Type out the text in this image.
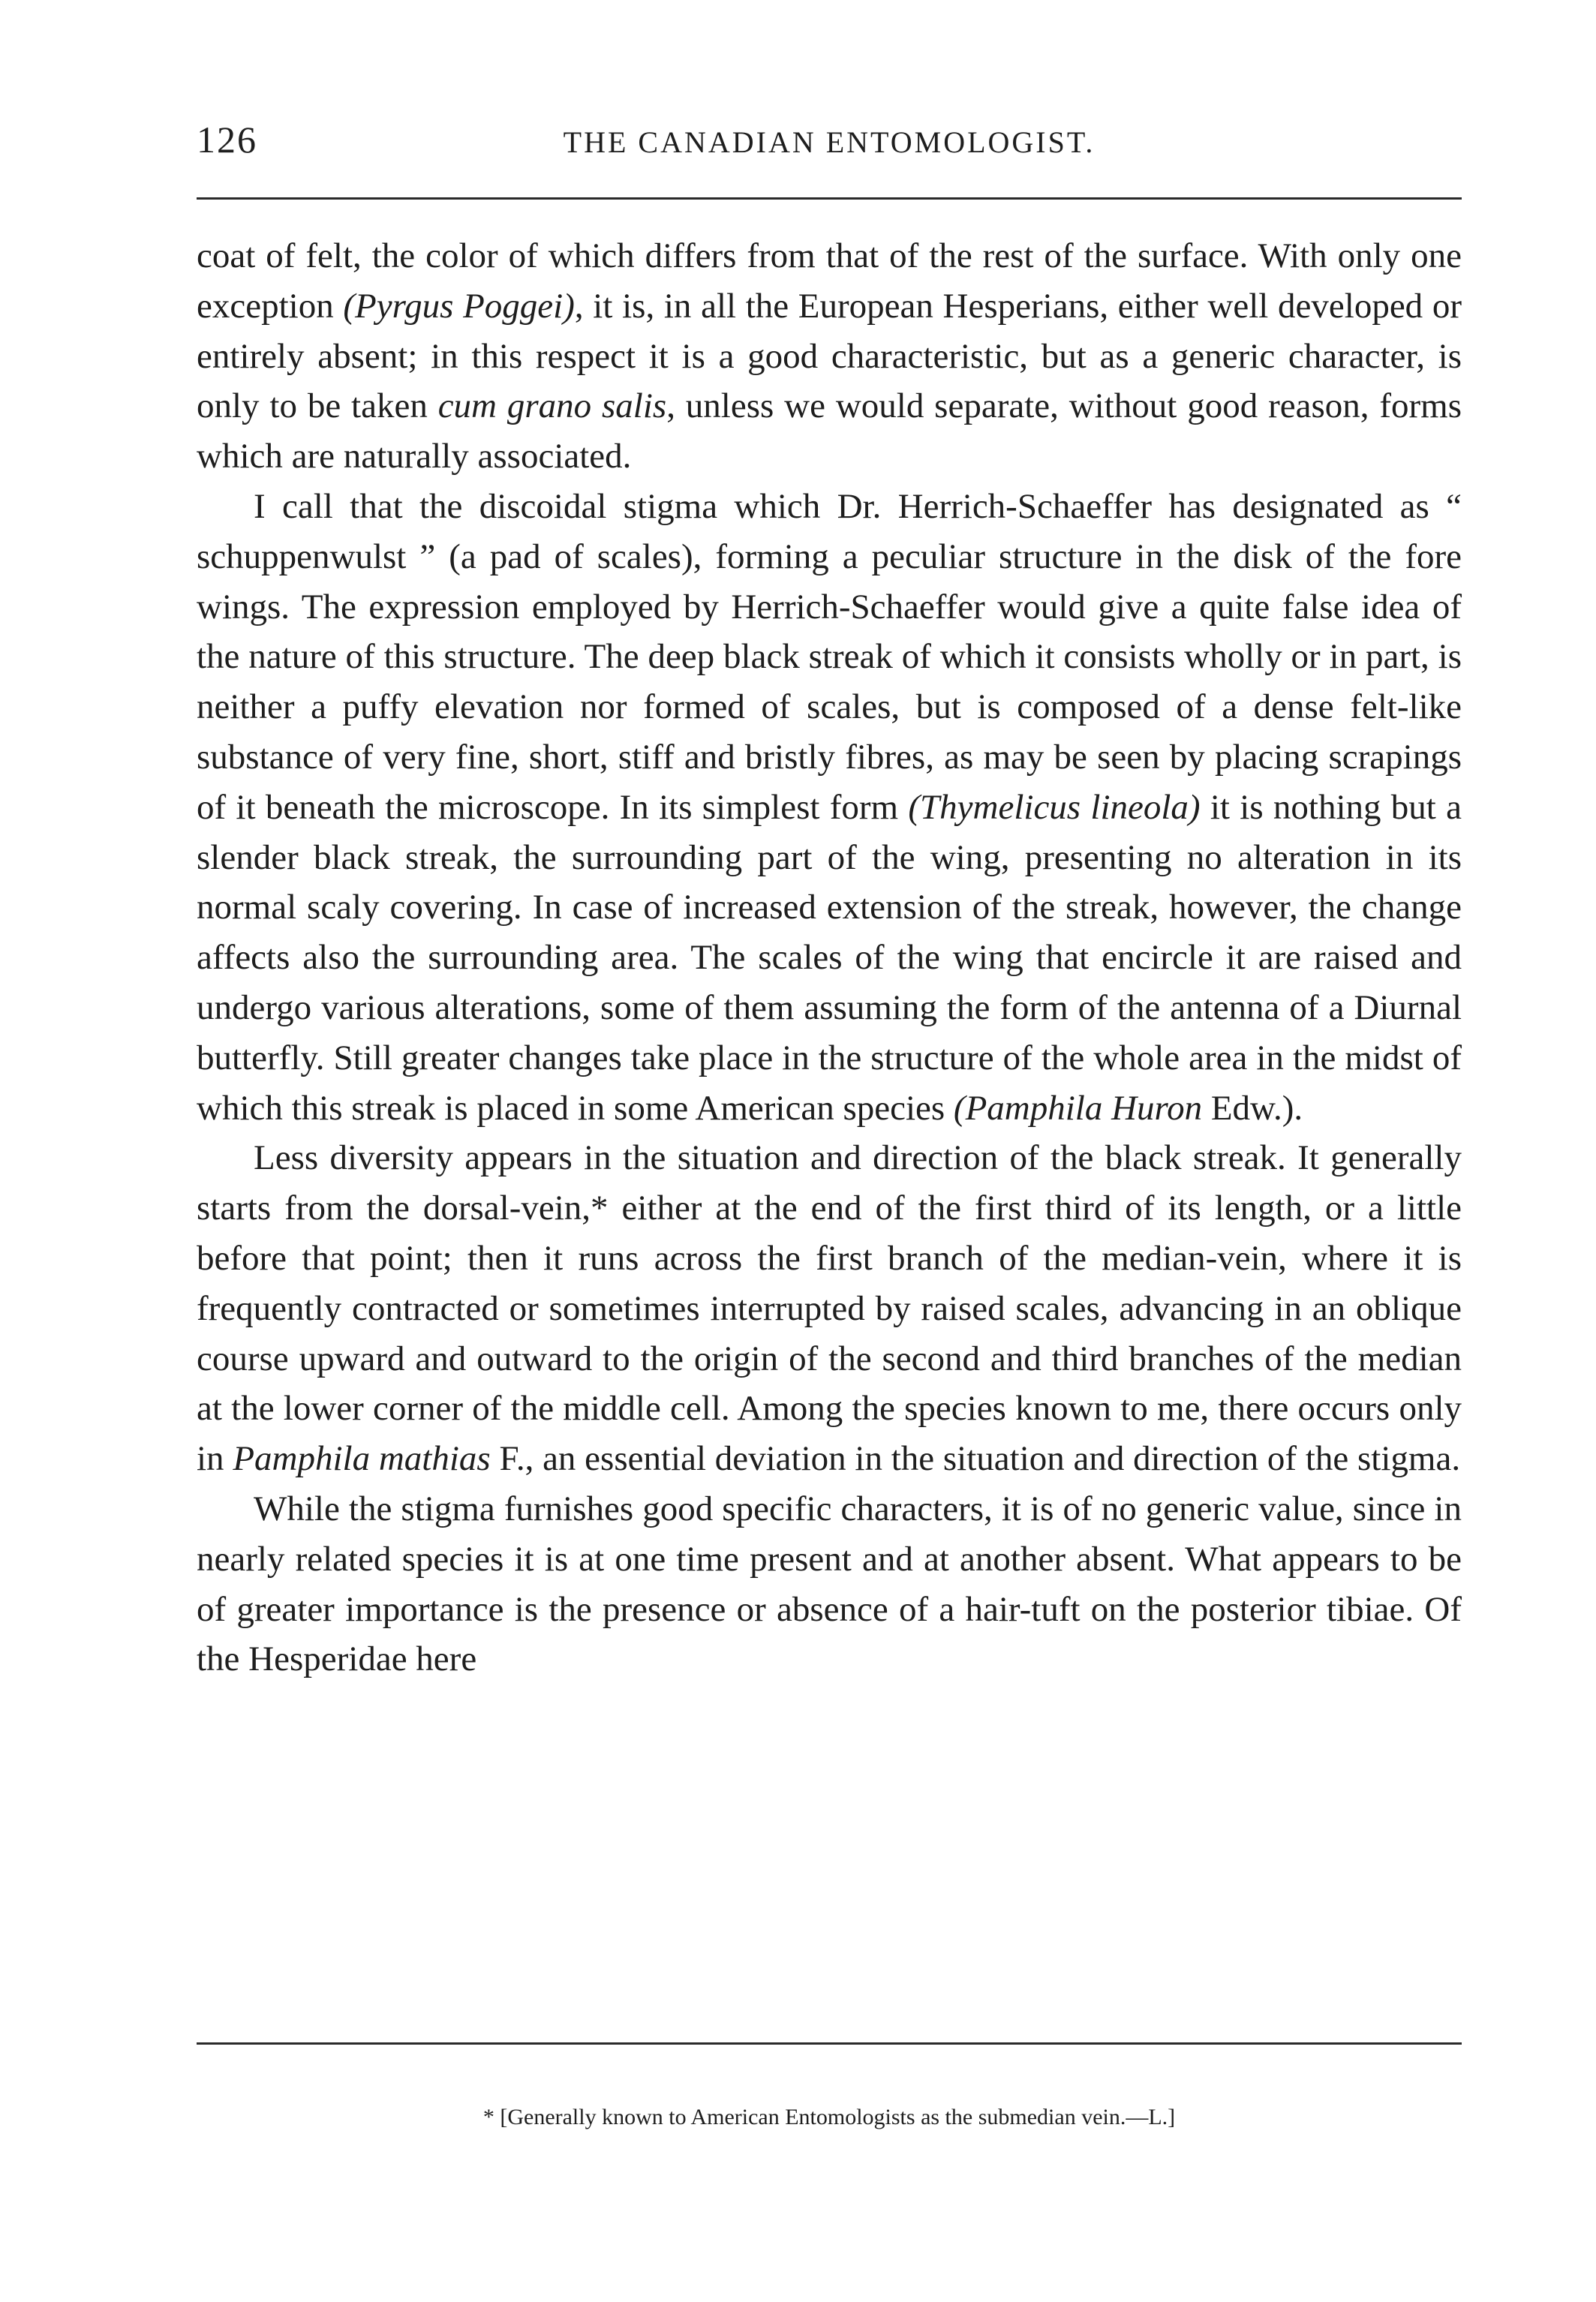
126	THE CANADIAN ENTOMOLOGIST.

coat of felt, the color of which differs from that of the rest of the surface. With only one exception (Pyrgus Poggei), it is, in all the European Hesperians, either well developed or entirely absent; in this respect it is a good characteristic, but as a generic character, is only to be taken cum grano salis, unless we would separate, without good reason, forms which are naturally associated.

I call that the discoidal stigma which Dr. Herrich-Schaeffer has designated as “ schuppenwulst ” (a pad of scales), forming a peculiar structure in the disk of the fore wings. The expression employed by Herrich-Schaeffer would give a quite false idea of the nature of this structure. The deep black streak of which it consists wholly or in part, is neither a puffy elevation nor formed of scales, but is composed of a dense felt-like substance of very fine, short, stiff and bristly fibres, as may be seen by placing scrapings of it beneath the microscope. In its simplest form (Thymelicus lineola) it is nothing but a slender black streak, the surrounding part of the wing, presenting no alteration in its normal scaly covering. In case of increased extension of the streak, however, the change affects also the surrounding area. The scales of the wing that encircle it are raised and undergo various alterations, some of them assuming the form of the antenna of a Diurnal butterfly. Still greater changes take place in the structure of the whole area in the midst of which this streak is placed in some American species (Pamphila Huron Edw.).

Less diversity appears in the situation and direction of the black streak. It generally starts from the dorsal-vein,* either at the end of the first third of its length, or a little before that point; then it runs across the first branch of the median-vein, where it is frequently contracted or sometimes interrupted by raised scales, advancing in an oblique course upward and outward to the origin of the second and third branches of the median at the lower corner of the middle cell. Among the species known to me, there occurs only in Pamphila mathias F., an essential deviation in the situation and direction of the stigma.

While the stigma furnishes good specific characters, it is of no generic value, since in nearly related species it is at one time present and at another absent. What appears to be of greater importance is the presence or absence of a hair-tuft on the posterior tibiae. Of the Hesperidae here

* [Generally known to American Entomologists as the submedian vein.—L.]
